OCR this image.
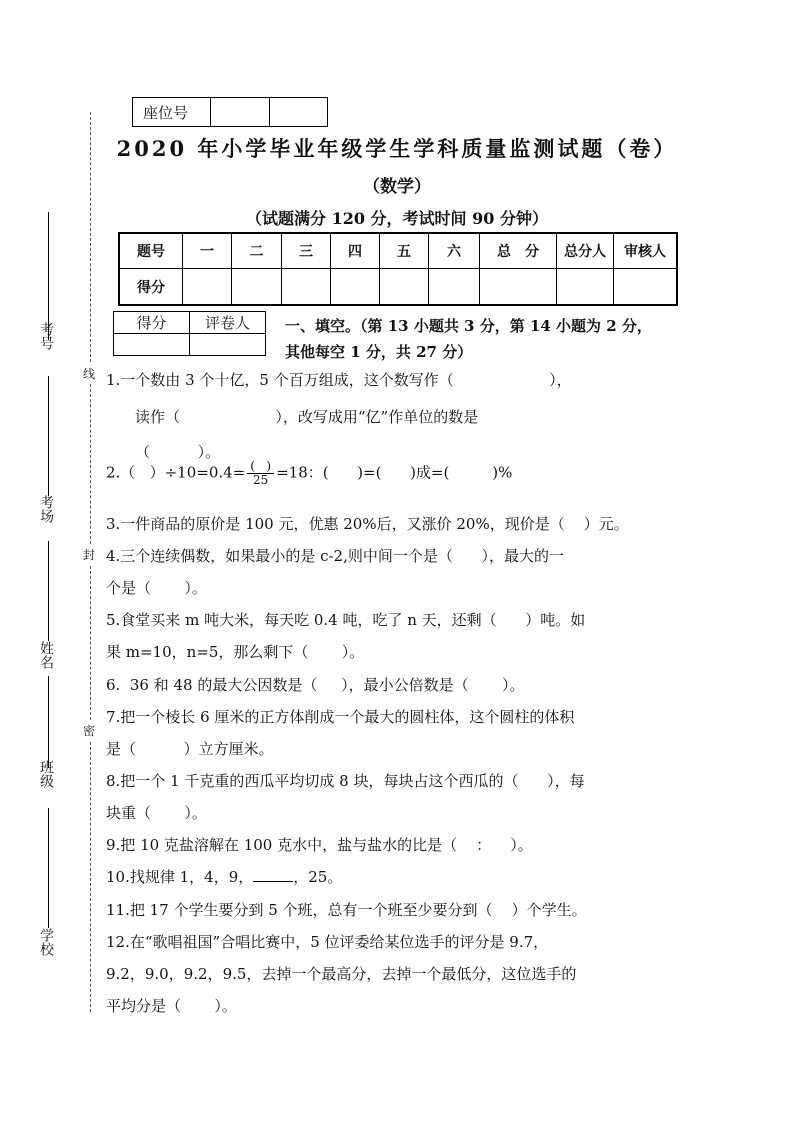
考号
考场
姓名
班级
学校
线
封
密
座位号		
2020 年小学毕业年级学生学科质量监测试题（卷）
（数学）
（试题满分 120 分，考试时间 90 分钟）
题号	一	二	三	四	五	六	总　分	总分人	审核人
得分									
得分	评卷人
	一、填空。（第 13 小题共 3 分，第 14 小题为 2 分，
其他每空 1 分，共 27 分）
1.一个数由 3 个十亿，5 个百万组成，这个数写作（                    ），
读作（                    ），改写成用“亿”作单位的数是
（          ）。
2.（   ）$\div 10=0.4= \frac{( )}{25} =18$：(      )=(      )成=(         )%
3.一件商品的原价是 100 元，优惠 20%后，又涨价 20%，现价是（    ）元。
4.三个连续偶数，如果最小的是 c-2,则中间一个是（      ），最大的一
个是（       ）。
5.食堂买来 m 吨大米，每天吃 0.4 吨，吃了 n 天，还剩（      ）吨。如
果 m=10，n=5，那么剩下（       ）。
6.  36 和 48 的最大公因数是（     ），最小公倍数是（       ）。
7.把一个棱长 6 厘米的正方体削成一个最大的圆柱体，这个圆柱的体积
是（          ）立方厘米。
8.把一个 1 千克重的西瓜平均切成 8 块，每块占这个西瓜的（      ），每
块重（       ）。
9.把 10 克盐溶解在 100 克水中，盐与盐水的比是（    ：    ）。
10.找规律 1，4，9，	，25。
11.把 17 个学生要分到 5 个班，总有一个班至少要分到（    ）个学生。
12.在“歌唱祖国”合唱比赛中，5 位评委给某位选手的评分是 9.7，
9.2，9.0，9.2，9.5，去掉一个最高分，去掉一个最低分，这位选手的
平均分是（       ）。
